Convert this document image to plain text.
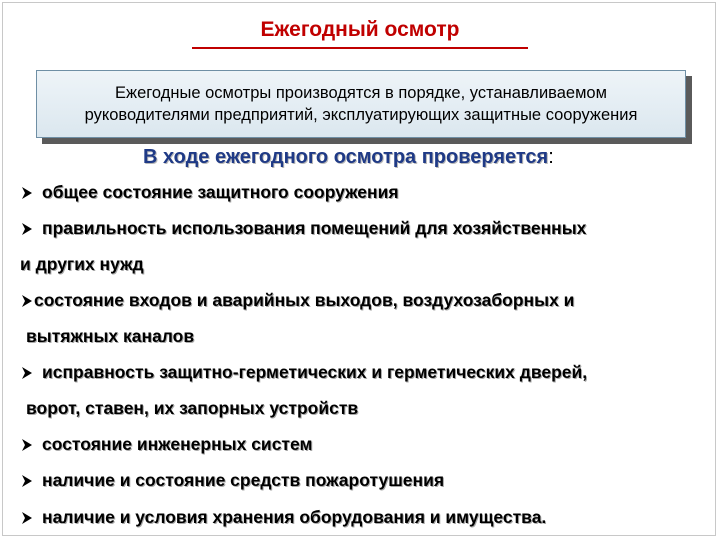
Ежегодный осмотр
Ежегодные осмотры производятся в порядке, устанавливаемом
руководителями предприятий, эксплуатирующих защитные сооружения
В ходе ежегодного осмотра проверяется:
общее состояние защитного сооружения
правильность использования помещений для хозяйственных
и других нужд
состояние входов и аварийных выходов, воздухозаборных и
вытяжных каналов
исправность защитно-герметических и герметических дверей,
ворот, ставен, их запорных устройств
состояние инженерных систем
наличие и состояние средств пожаротушения
наличие и условия хранения оборудования и имущества.
